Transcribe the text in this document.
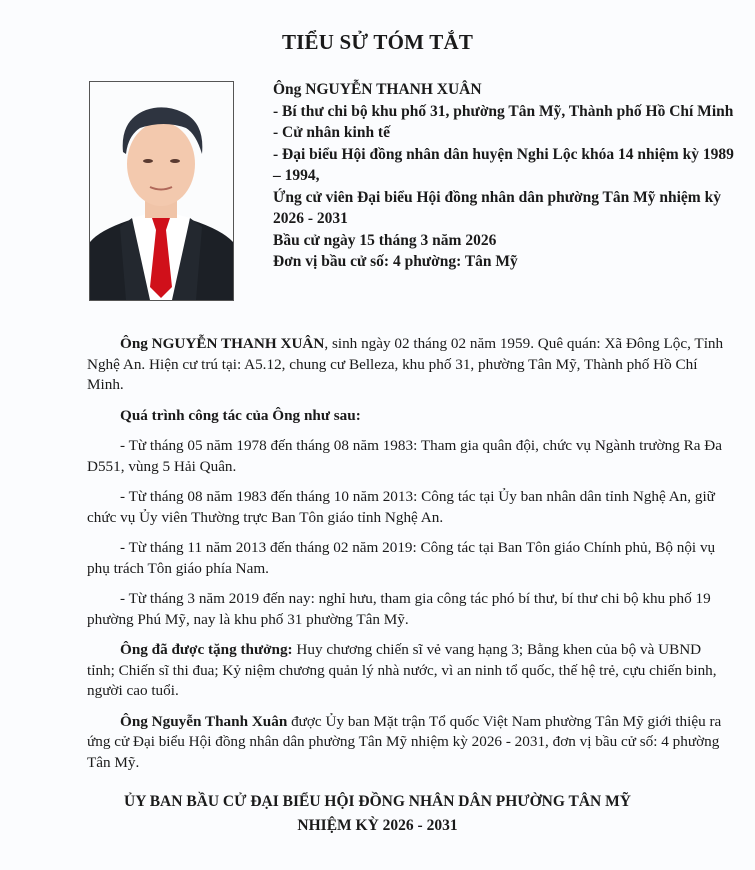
TIỂU SỬ TÓM TẮT
Ông NGUYỄN THANH XUÂN
- Bí thư chi bộ khu phố 31, phường Tân Mỹ, Thành phố Hồ Chí Minh
- Cử nhân kinh tế
- Đại biểu Hội đồng nhân dân huyện Nghi Lộc khóa 14 nhiệm kỳ 1989 – 1994,
Ứng cử viên Đại biểu Hội đồng nhân dân phường Tân Mỹ nhiệm kỳ 2026 - 2031
Bầu cử ngày 15 tháng 3 năm 2026
Đơn vị bầu cử số: 4 phường: Tân Mỹ

Ông NGUYỄN THANH XUÂN, sinh ngày 02 tháng 02 năm 1959. Quê quán: Xã Đông Lộc, Tỉnh Nghệ An. Hiện cư trú tại: A5.12, chung cư Belleza, khu phố 31, phường Tân Mỹ, Thành phố Hồ Chí Minh.

Quá trình công tác của Ông như sau:

- Từ tháng 05 năm 1978 đến tháng 08 năm 1983: Tham gia quân đội, chức vụ Ngành trường Ra Đa D551, vùng 5 Hải Quân.

- Từ tháng 08 năm 1983 đến tháng 10 năm 2013: Công tác tại Ủy ban nhân dân tỉnh Nghệ An, giữ chức vụ Ủy viên Thường trực Ban Tôn giáo tỉnh Nghệ An.

- Từ tháng 11 năm 2013 đến tháng 02 năm 2019: Công tác tại Ban Tôn giáo Chính phủ, Bộ nội vụ phụ trách Tôn giáo phía Nam.

- Từ tháng 3 năm 2019 đến nay: nghỉ hưu, tham gia công tác phó bí thư, bí thư chi bộ khu phố 19 phường Phú Mỹ, nay là khu phố 31 phường Tân Mỹ.

Ông đã được tặng thưởng: Huy chương chiến sĩ vẻ vang hạng 3; Bằng khen của bộ và UBND tỉnh; Chiến sĩ thi đua; Kỷ niệm chương quản lý nhà nước, vì an ninh tổ quốc, thế hệ trẻ, cựu chiến binh, người cao tuổi.

Ông Nguyễn Thanh Xuân được Ủy ban Mặt trận Tổ quốc Việt Nam phường Tân Mỹ giới thiệu ra ứng cử Đại biểu Hội đồng nhân dân phường Tân Mỹ nhiệm kỳ 2026 - 2031, đơn vị bầu cử số: 4 phường Tân Mỹ.

ỦY BAN BẦU CỬ ĐẠI BIỂU HỘI ĐỒNG NHÂN DÂN PHƯỜNG TÂN MỸ
NHIỆM KỲ 2026 - 2031
